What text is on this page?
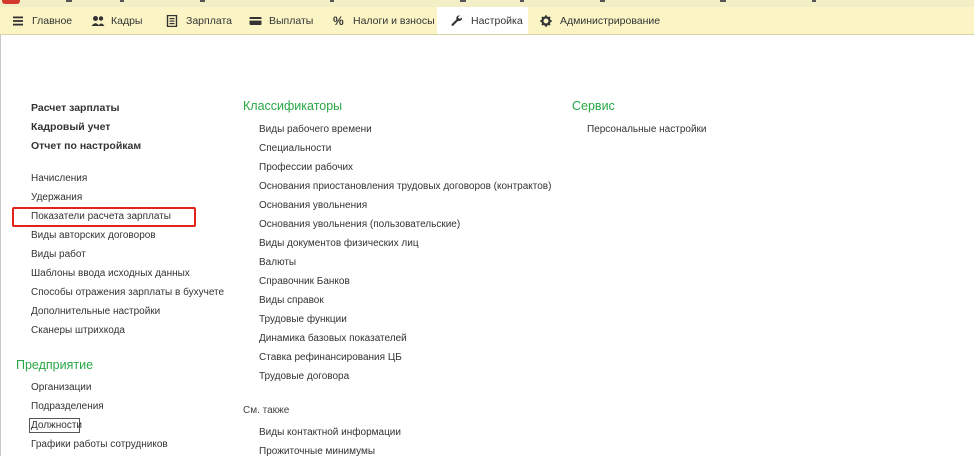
Главное	Кадры	Зарплата	Выплаты % Налоги и взносы	Настройка	Администрирование
Расчет зарплаты
Кадровый учет
Отчет по настройкам
Начисления
Удержания
Показатели расчета зарплаты
Виды авторских договоров
Виды работ
Шаблоны ввода исходных данных
Способы отражения зарплаты в бухучете
Дополнительные настройки
Сканеры штрихкода
Предприятие
Организации
Подразделения
Должности
Графики работы сотрудников
Классификаторы
Виды рабочего времени
Специальности
Профессии рабочих
Основания приостановления трудовых договоров (контрактов)
Основания увольнения
Основания увольнения (пользовательские)
Виды документов физических лиц
Валюты
Справочник Банков
Виды справок
Трудовые функции
Динамика базовых показателей
Ставка рефинансирования ЦБ
Трудовые договора
См. также
Виды контактной информации
Прожиточные минимумы
Сервис
Персональные настройки
